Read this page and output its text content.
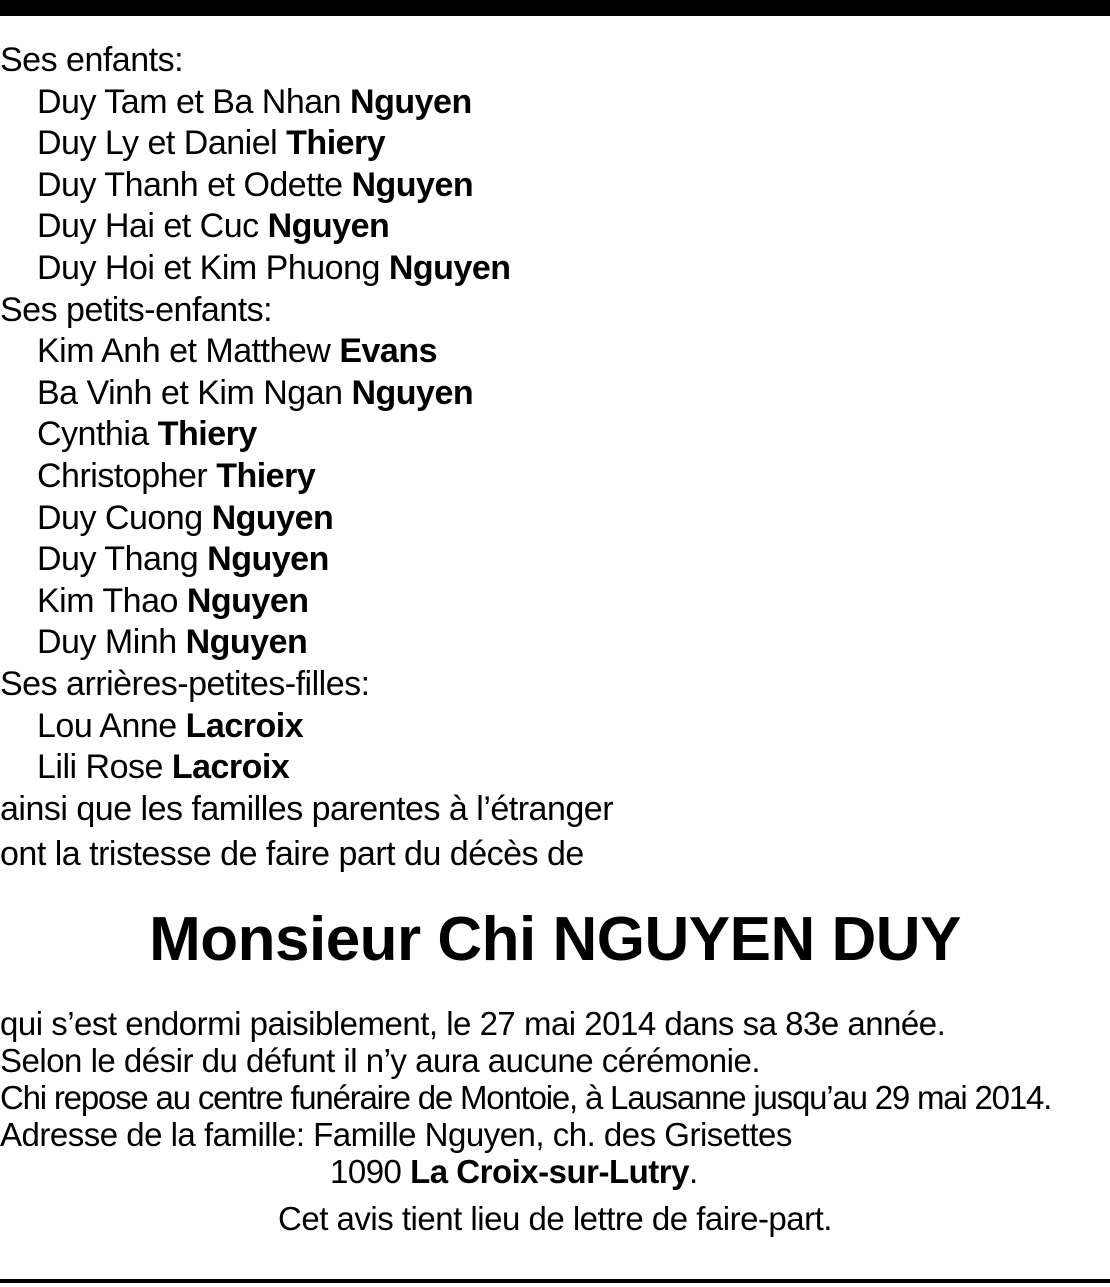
Ses enfants:
Duy Tam et Ba Nhan Nguyen
Duy Ly et Daniel Thiery
Duy Thanh et Odette Nguyen
Duy Hai et Cuc Nguyen
Duy Hoi et Kim Phuong Nguyen
Ses petits-enfants:
Kim Anh et Matthew Evans
Ba Vinh et Kim Ngan Nguyen
Cynthia Thiery
Christopher Thiery
Duy Cuong Nguyen
Duy Thang Nguyen
Kim Thao Nguyen
Duy Minh Nguyen
Ses arrières-petites-filles:
Lou Anne Lacroix
Lili Rose Lacroix
ainsi que les familles parentes à l’étranger
ont la tristesse de faire part du décès de
Monsieur Chi NGUYEN DUY
qui s’est endormi paisiblement, le 27 mai 2014 dans sa 83e année.
Selon le désir du défunt il n’y aura aucune cérémonie.
Chi repose au centre funéraire de Montoie, à Lausanne jusqu’au 29 mai 2014.
Adresse de la famille: Famille Nguyen, ch. des Grisettes
1090 La Croix-sur-Lutry.
Cet avis tient lieu de lettre de faire-part.
